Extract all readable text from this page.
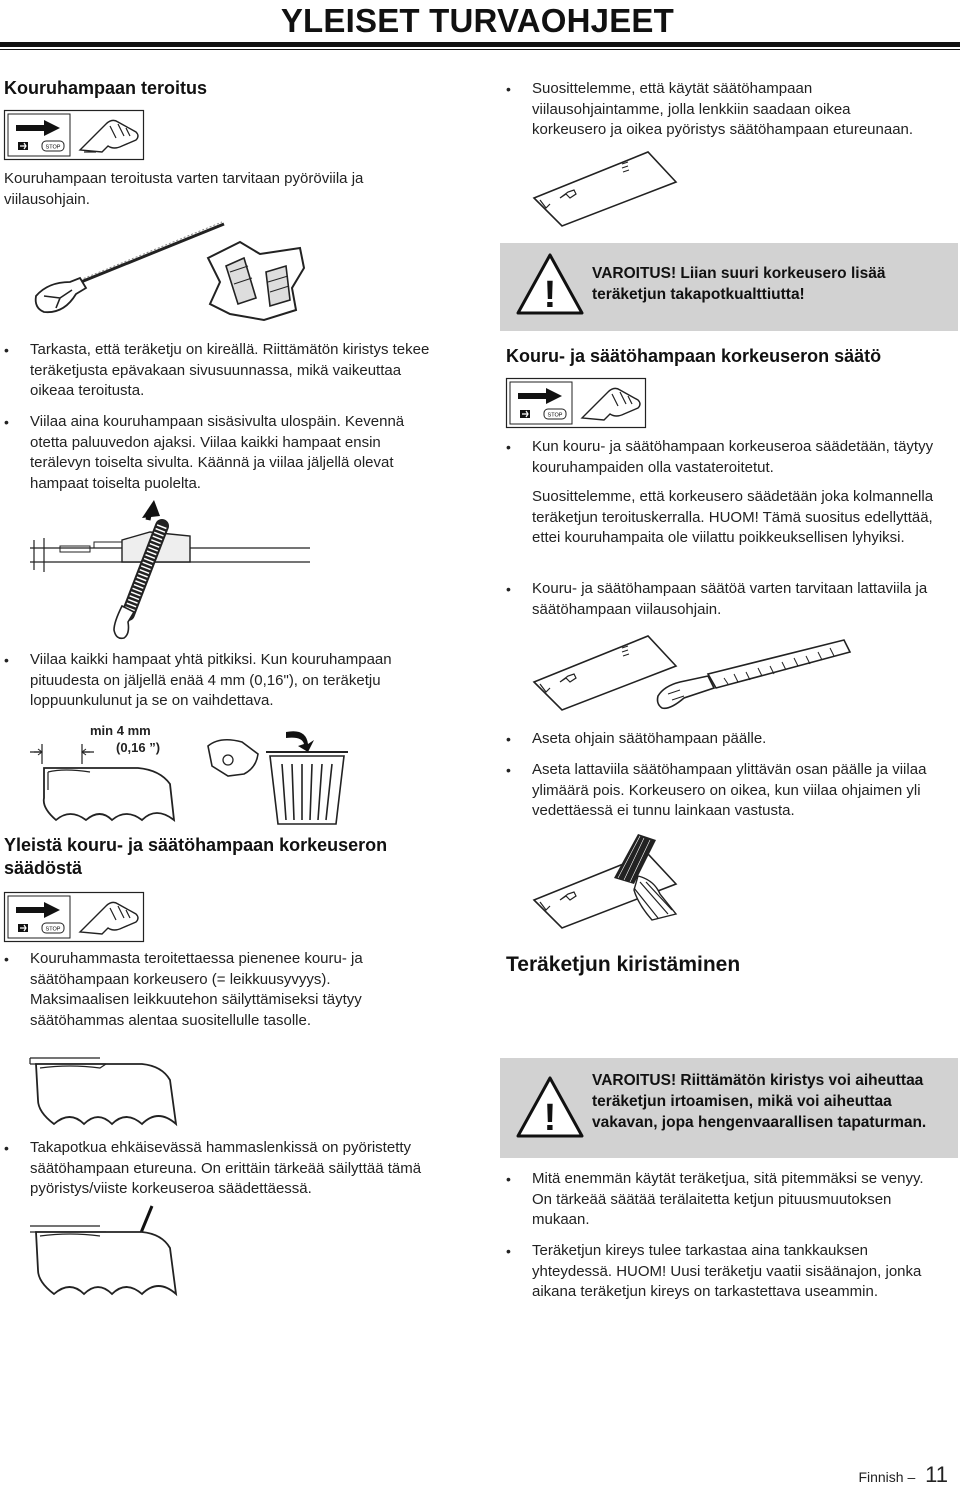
YLEISET TURVAOHJEET
Kouruhampaan teroitus
STOP
Kouruhampaan teroitusta varten tarvitaan pyöröviila ja viilausohjain.
• Tarkasta, että teräketju on kireällä. Riittämätön kiristys tekee teräketjusta epävakaan sivusuunnassa, mikä vaikeuttaa oikeaa teroitusta.
• Viilaa aina kouruhampaan sisäsivulta ulospäin. Kevennä otetta paluuvedon ajaksi. Viilaa kaikki hampaat ensin terälevyn toiselta sivulta. Käännä ja viilaa jäljellä olevat hampaat toiselta puolelta.
• Viilaa kaikki hampaat yhtä pitkiksi. Kun kouruhampaan pituudesta on jäljellä enää 4 mm (0,16"), on teräketju loppuunkulunut ja se on vaihdettava.
min 4 mm
(0,16 ”)
Yleistä kouru- ja säätöhampaan korkeuseron säädöstä
STOP
• Kouruhammasta teroitettaessa pienenee kouru- ja säätöhampaan korkeusero (= leikkuusyvyys). Maksimaalisen leikkuutehon säilyttämiseksi täytyy säätöhammas alentaa suositellulle tasolle.
• Takapotkua ehkäisevässä hammaslenkissä on pyöristetty säätöhampaan etureuna. On erittäin tärkeää säilyttää tämä pyöristys/viiste korkeuseroa säädettäessä.
• Suosittelemme, että käytät säätöhampaan viilausohjaintamme, jolla lenkkiin saadaan oikea korkeusero ja oikea pyöristys säätöhampaan etureunaan.
!
VAROITUS! Liian suuri korkeusero lisää teräketjun takapotkualttiutta!
Kouru- ja säätöhampaan korkeuseron säätö
STOP
• Kun kouru- ja säätöhampaan korkeuseroa säädetään, täytyy kouruhampaiden olla vastateroitetut.
Suosittelemme, että korkeusero säädetään joka kolmannella teräketjun teroituskerralla. HUOM! Tämä suositus edellyttää, ettei kouruhampaita ole viilattu poikkeuksellisen lyhyiksi.
• Kouru- ja säätöhampaan säätöä varten tarvitaan lattaviila ja säätöhampaan viilausohjain.
• Aseta ohjain säätöhampaan päälle.
• Aseta lattaviila säätöhampaan ylittävän osan päälle ja viilaa ylimäärä pois. Korkeusero on oikea, kun viilaa ohjaimen yli vedettäessä ei tunnu lainkaan vastusta.
Teräketjun kiristäminen
!
VAROITUS! Riittämätön kiristys voi aiheuttaa teräketjun irtoamisen, mikä voi aiheuttaa vakavan, jopa hengenvaarallisen tapaturman.
• Mitä enemmän käytät teräketjua, sitä pitemmäksi se venyy. On tärkeää säätää terälaitetta ketjun pituusmuutoksen mukaan.
• Teräketjun kireys tulee tarkastaa aina tankkauksen yhteydessä. HUOM! Uusi teräketju vaatii sisäänajon, jonka aikana teräketjun kireys on tarkastettava useammin.
Finnish – 11
